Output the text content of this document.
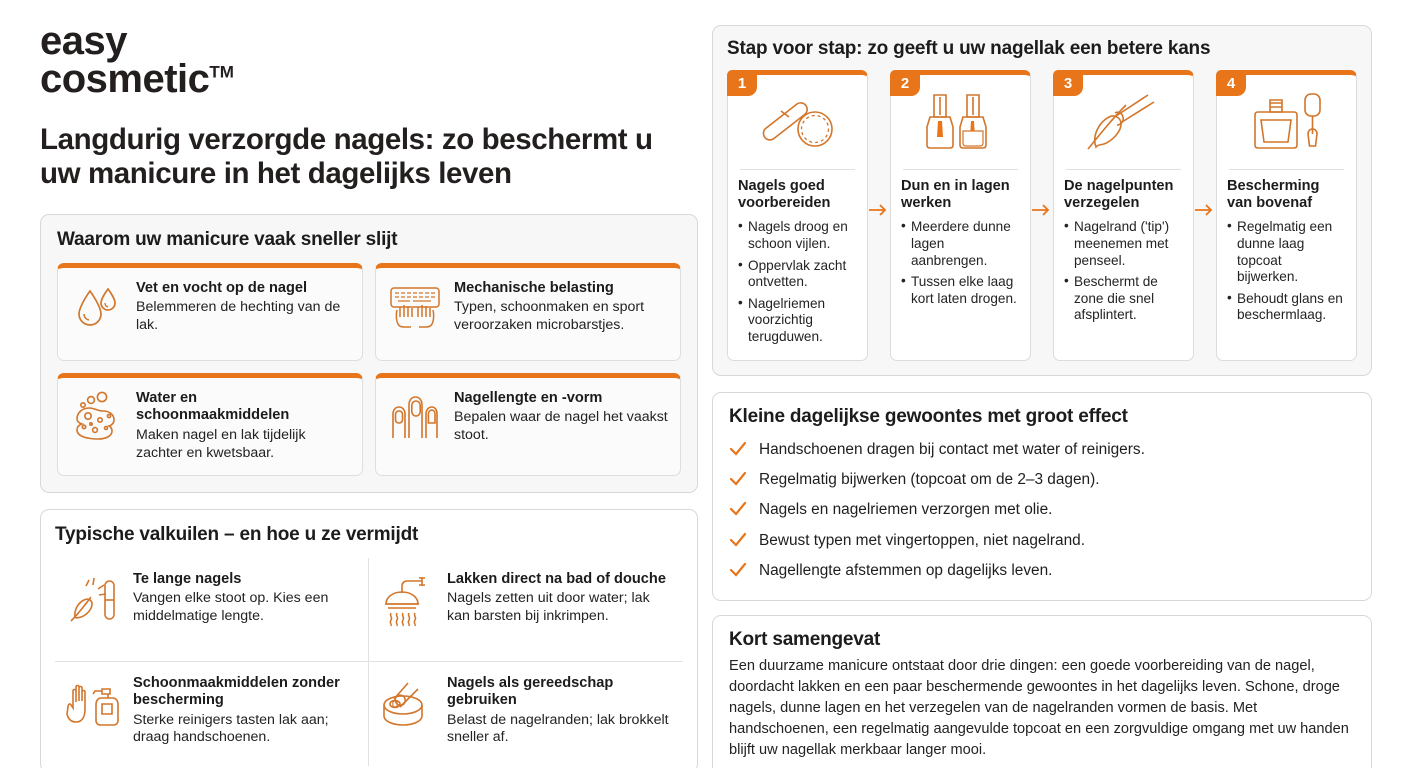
easy
cosmetic™
Langdurig verzorgde nagels: zo beschermt u uw manicure in het dagelijks leven
Waarom uw manicure vaak sneller slijt
Vet en vocht op de nagel
Belemmeren de hechting van de lak.
Mechanische belasting
Typen, schoonmaken en sport veroorzaken microbarstjes.
Water en schoonmaakmiddelen
Maken nagel en lak tijdelijk zachter en kwetsbaar.
Nagellengte en -vorm
Bepalen waar de nagel het vaakst stoot.
Typische valkuilen – en hoe u ze vermijdt
Te lange nagels
Vangen elke stoot op. Kies een middelmatige lengte.
Lakken direct na bad of douche
Nagels zetten uit door water; lak kan barsten bij inkrimpen.
Schoonmaakmiddelen zonder bescherming
Sterke reinigers tasten lak aan; draag handschoenen.
Nagels als gereedschap gebruiken
Belast de nagelranden; lak brokkelt sneller af.
Stap voor stap: zo geeft u uw nagellak een betere kans
1
Nagels goed voorbereiden
• Nagels droog en schoon vijlen.
• Oppervlak zacht ontvetten.
• Nagelriemen voorzichtig terugduwen.
2
Dun en in lagen werken
• Meerdere dunne lagen aanbrengen.
• Tussen elke laag kort laten drogen.
3
De nagelpunten verzegelen
• Nagelrand ('tip') meenemen met penseel.
• Beschermt de zone die snel afsplintert.
4
Bescherming van bovenaf
• Regelmatig een dunne laag topcoat bijwerken.
• Behoudt glans en beschermlaag.
Kleine dagelijkse gewoontes met groot effect
Handschoenen dragen bij contact met water of reinigers.
Regelmatig bijwerken (topcoat om de 2–3 dagen).
Nagels en nagelriemen verzorgen met olie.
Bewust typen met vingertoppen, niet nagelrand.
Nagellengte afstemmen op dagelijks leven.
Kort samengevat

Een duurzame manicure ontstaat door drie dingen: een goede voorbereiding van de nagel, doordacht lakken en een paar beschermende gewoontes in het dagelijks leven. Schone, droge nagels, dunne lagen en het verzegelen van de nagelranden vormen de basis. Met handschoenen, een regelmatig aangevulde topcoat en een zorgvuldige omgang met uw handen blijft uw nagellak merkbaar langer mooi.
